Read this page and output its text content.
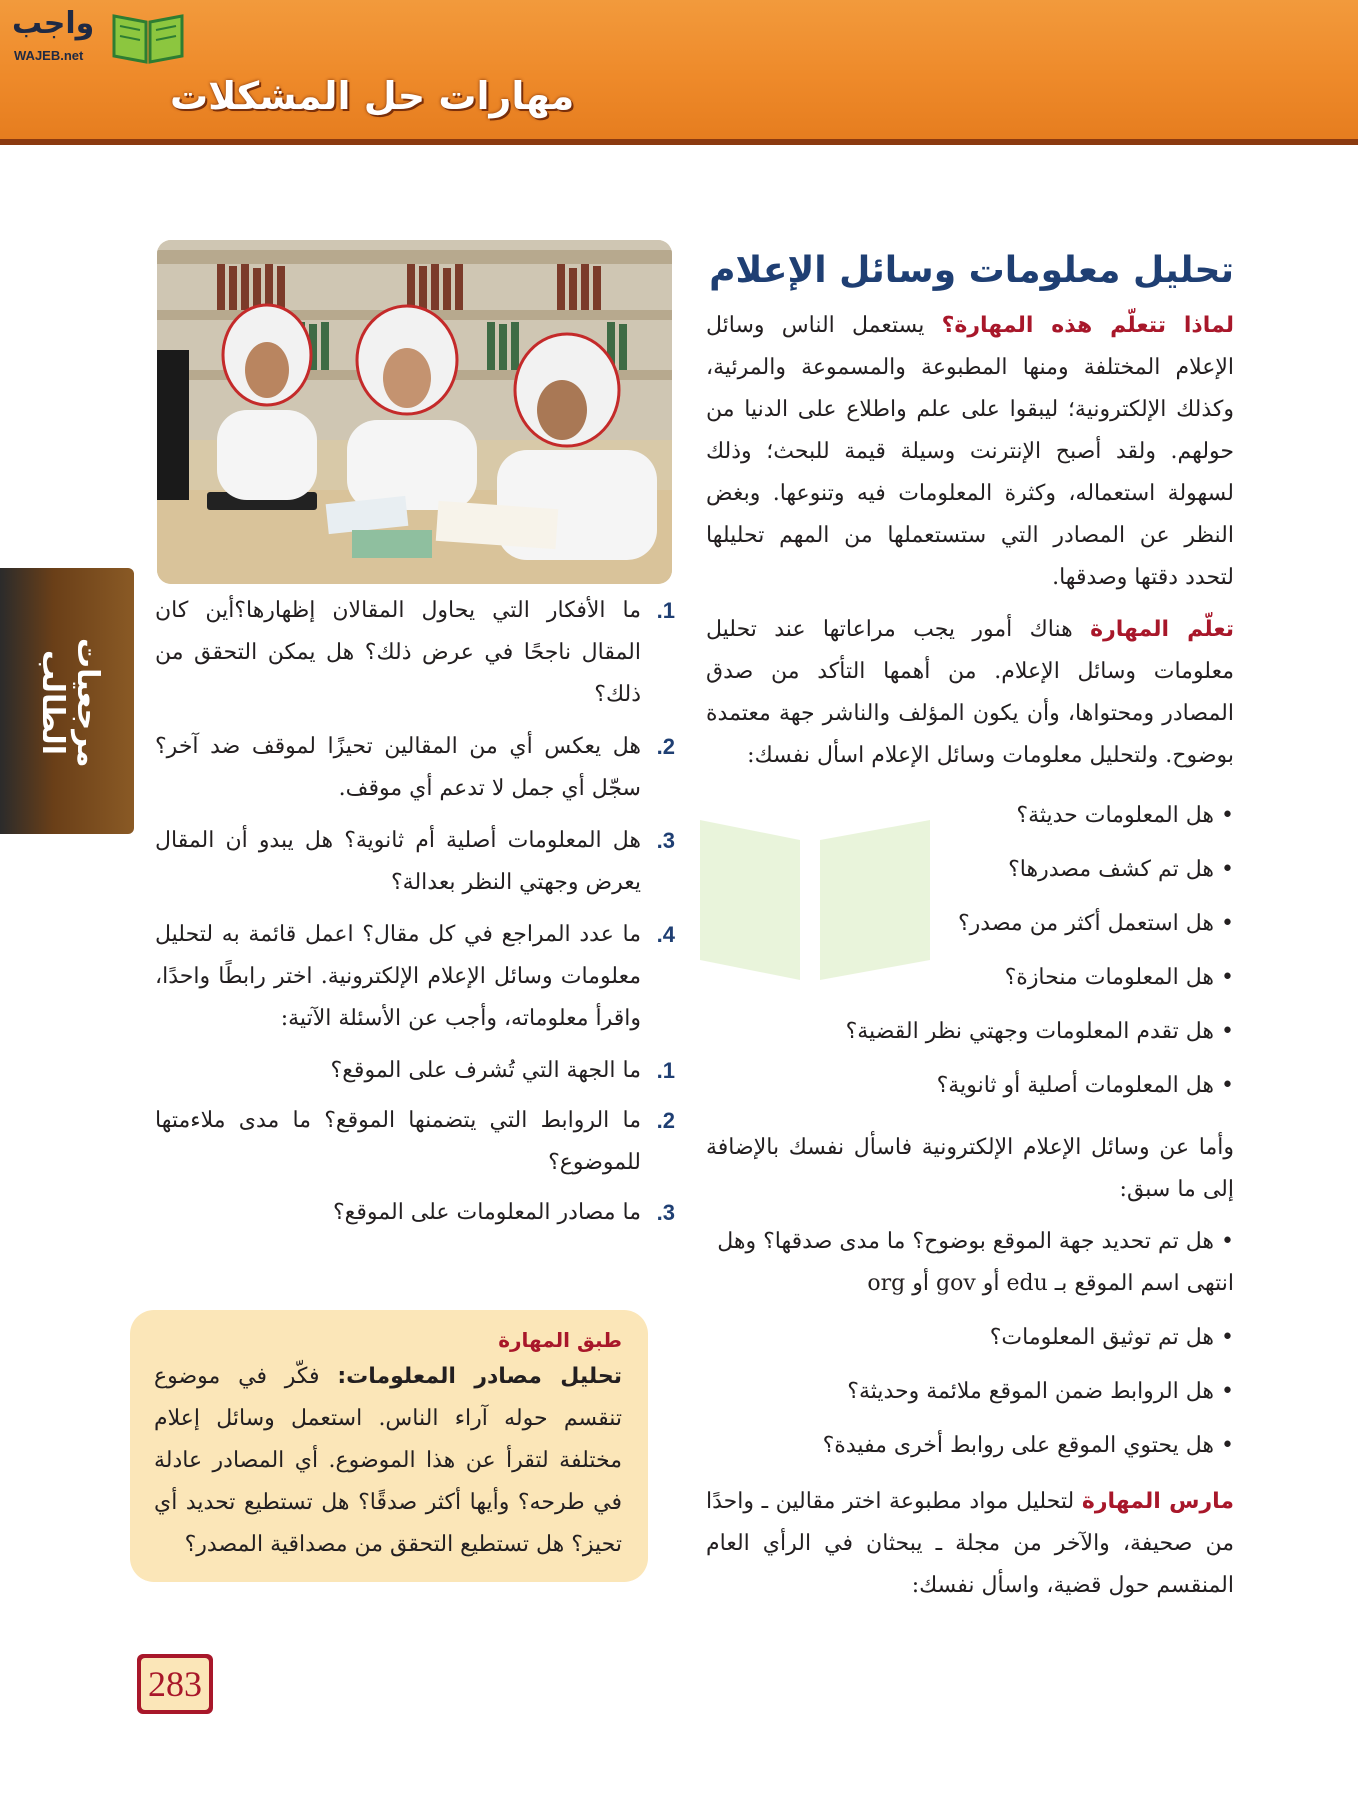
واجب
WAJEB.net
مهارات حل المشكلات
مرجعيات الطالب
تحليل معلومات وسائل الإعلام

لماذا تتعلّم هذه المهارة؟ يستعمل الناس وسائل الإعلام المختلفة ومنها المطبوعة والمسموعة والمرئية، وكذلك الإلكترونية؛ ليبقوا على علم واطلاع على الدنيا من حولهم. ولقد أصبح الإنترنت وسيلة قيمة للبحث؛ وذلك لسهولة استعماله، وكثرة المعلومات فيه وتنوعها. وبغض النظر عن المصادر التي ستستعملها من المهم تحليلها لتحدد دقتها وصدقها.

تعلّم المهارة هناك أمور يجب مراعاتها عند تحليل معلومات وسائل الإعلام. من أهمها التأكد من صدق المصادر ومحتواها، وأن يكون المؤلف والناشر جهة معتمدة بوضوح. ولتحليل معلومات وسائل الإعلام اسأل نفسك:

• هل المعلومات حديثة؟
• هل تم كشف مصدرها؟
• هل استعمل أكثر من مصدر؟
• هل المعلومات منحازة؟
• هل تقدم المعلومات وجهتي نظر القضية؟
• هل المعلومات أصلية أو ثانوية؟

وأما عن وسائل الإعلام الإلكترونية فاسأل نفسك بالإضافة إلى ما سبق:

• هل تم تحديد جهة الموقع بوضوح؟ ما مدى صدقها؟ وهل انتهى اسم الموقع بـ edu أو gov أو org
• هل تم توثيق المعلومات؟
• هل الروابط ضمن الموقع ملائمة وحديثة؟
• هل يحتوي الموقع على روابط أخرى مفيدة؟

مارس المهارة لتحليل مواد مطبوعة اختر مقالين ـ واحدًا من صحيفة، والآخر من مجلة ـ يبحثان في الرأي العام المنقسم حول قضية، واسأل نفسك:

1.
ما الأفكار التي يحاول المقالان إظهارها؟أين كان المقال ناجحًا في عرض ذلك؟ هل يمكن التحقق من ذلك؟
2.
هل يعكس أي من المقالين تحيزًا لموقف ضد آخر؟ سجّل أي جمل لا تدعم أي موقف.
3.
هل المعلومات أصلية أم ثانوية؟ هل يبدو أن المقال يعرض وجهتي النظر بعدالة؟
4.
ما عدد المراجع في كل مقال؟ اعمل قائمة به لتحليل معلومات وسائل الإعلام الإلكترونية. اختر رابطًا واحدًا، واقرأ معلوماته، وأجب عن الأسئلة الآتية:
1.
ما الجهة التي تُشرف على الموقع؟
2.
ما الروابط التي يتضمنها الموقع؟ ما مدى ملاءمتها للموضوع؟
3.
ما مصادر المعلومات على الموقع؟
طبق المهارة

تحليل مصادر المعلومات: فكّر في موضوع تنقسم حوله آراء الناس. استعمل وسائل إعلام مختلفة لتقرأ عن هذا الموضوع. أي المصادر عادلة في طرحه؟ وأيها أكثر صدقًا؟ هل تستطيع تحديد أي تحيز؟ هل تستطيع التحقق من مصداقية المصدر؟

283
